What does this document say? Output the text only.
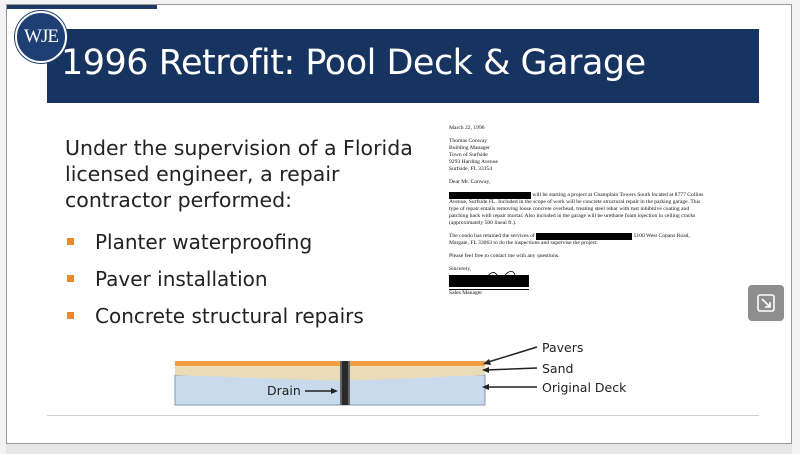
1996 Retrofit: Pool Deck & Garage
WJE
Under the supervision of a Florida licensed engineer, a repair contractor performed:
Planter waterproofing
Paver installation
Concrete structural repairs

March 22, 1996

Thomas Conway

Building Manager

Town of Surfside

9293 Harding Avenue

Surfside, FL 33154

Dear Mr. Conway,

will be starting a project at Champlain Towers South located at 8777 Collins Avenue, Surfside FL. Included in the scope of work will be concrete structural repair in the parking garage. This type of repair entails removing loose concrete overhead, treating steel rebar with rust inhibitive coating and patching back with repair mortar. Also included in the garage will be urethane foam injection in ceiling cracks (approximately 500 lineal ft.).

The condo has retained the services of	5100 West Copans Road, Margate, FL 33063 to do the inspections and supervise the project.

Please feel free to contact me with any questions.

Sincerely,

Sales Manager

Pavers
Sand
Original Deck
Drain
